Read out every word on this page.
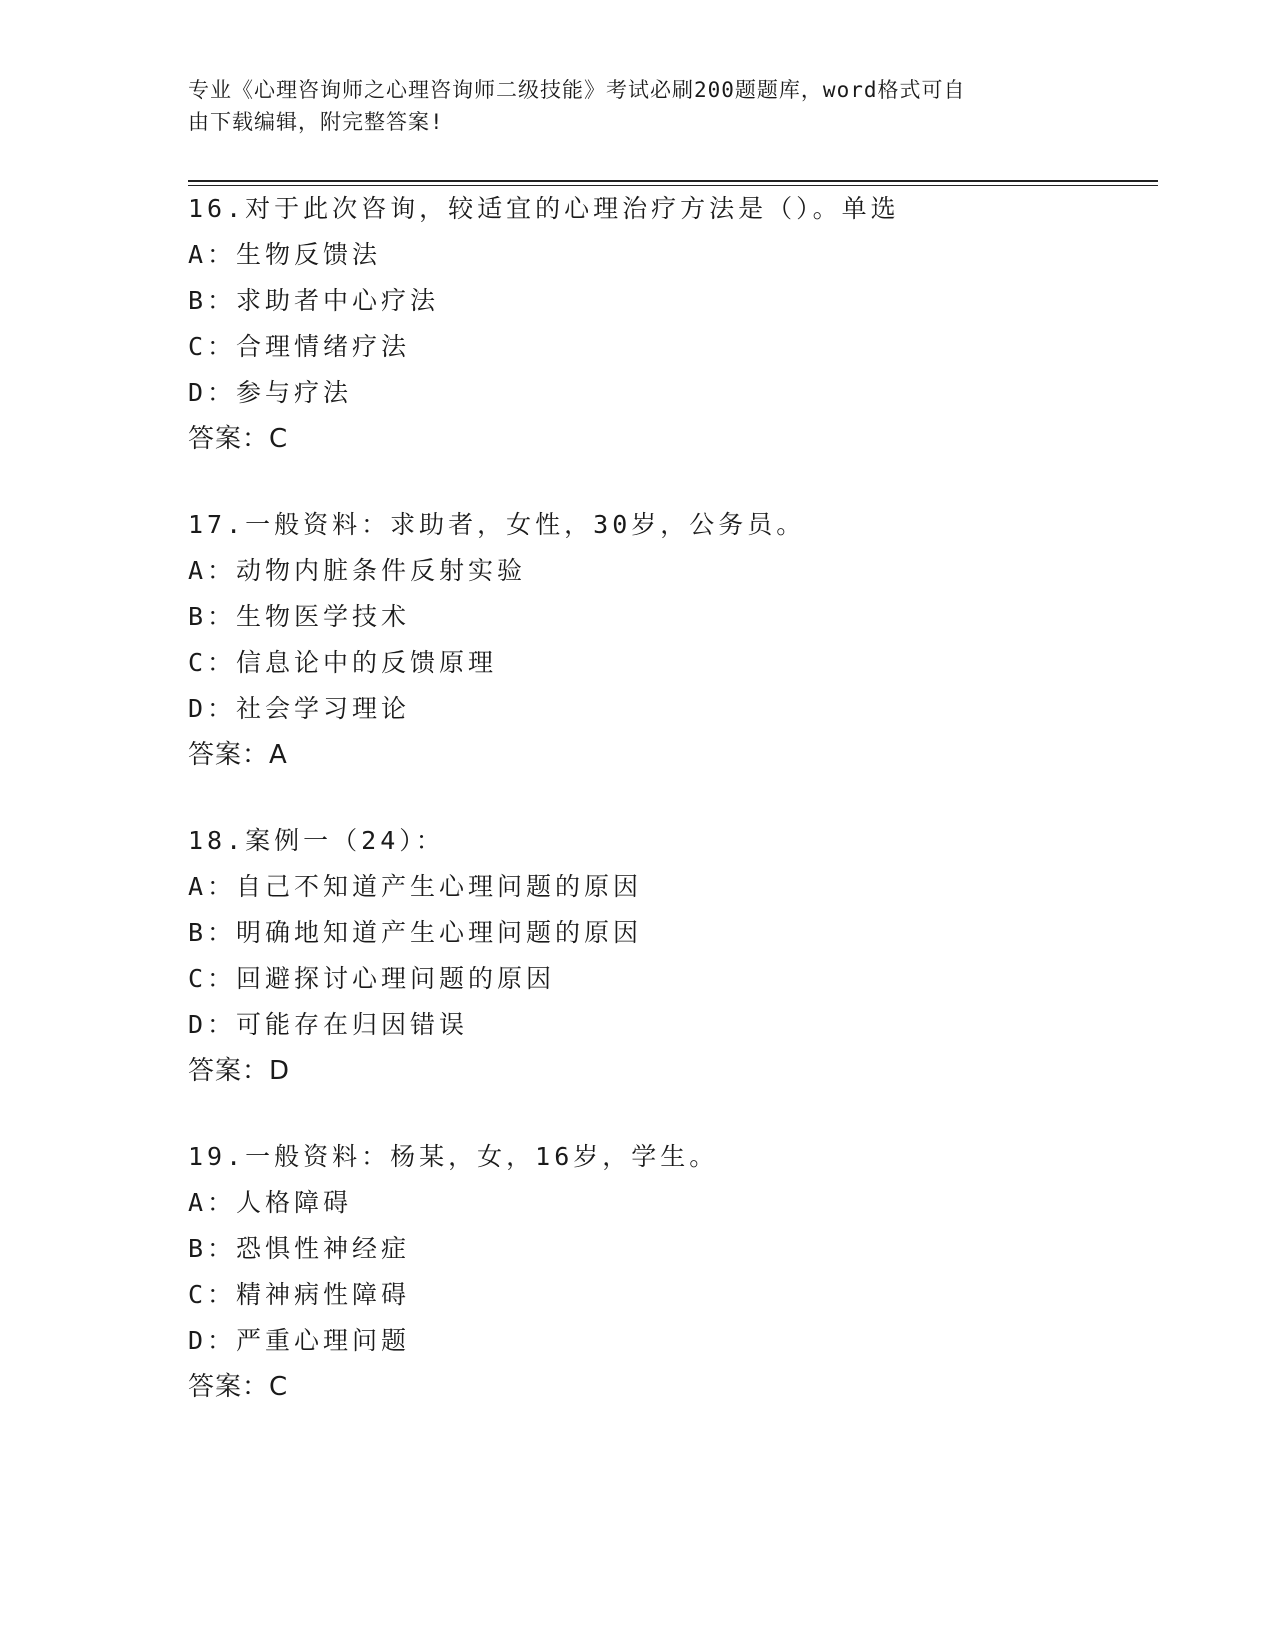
专业《心理咨询师之心理咨询师二级技能》考试必刷200题题库，word格式可自
由下载编辑，附完整答案!
16.对于此次咨询，较适宜的心理治疗方法是（）。单选
A：生物反馈法
B：求助者中心疗法
C：合理情绪疗法
D：参与疗法
答案：C
17.一般资料：求助者，女性，30岁，公务员。
A：动物内脏条件反射实验
B：生物医学技术
C：信息论中的反馈原理
D：社会学习理论
答案：A
18.案例一（24）：
A：自己不知道产生心理问题的原因
B：明确地知道产生心理问题的原因
C：回避探讨心理问题的原因
D：可能存在归因错误
答案：D
19.一般资料：杨某，女，16岁，学生。
A：人格障碍
B：恐惧性神经症
C：精神病性障碍
D：严重心理问题
答案：C
